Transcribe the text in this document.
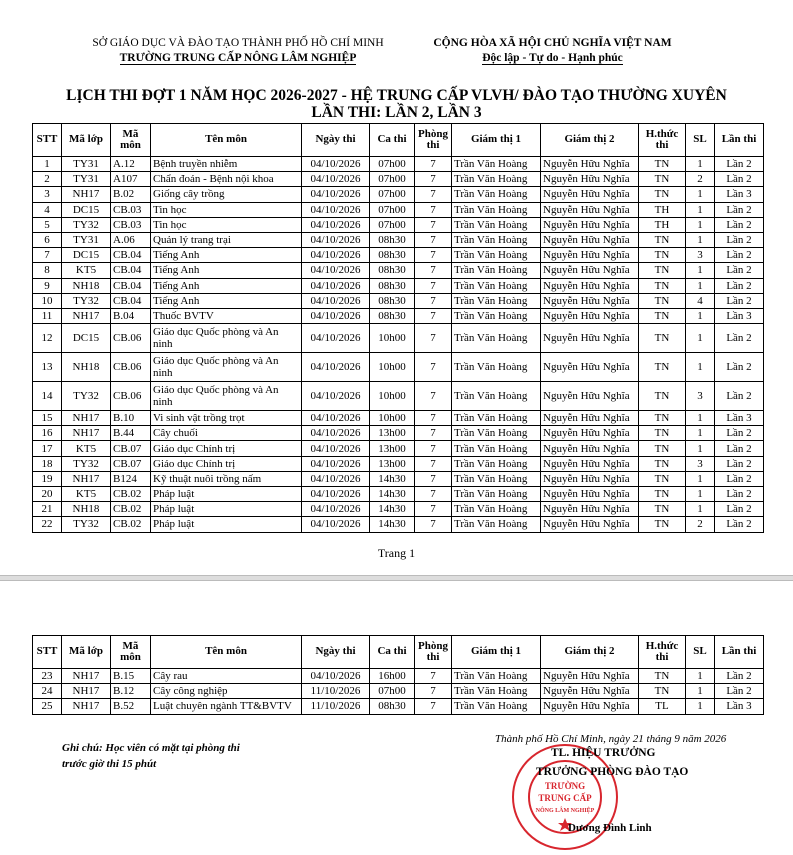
SỞ GIÁO DỤC VÀ ĐÀO TẠO THÀNH PHỐ HỒ CHÍ MINH
TRƯỜNG TRUNG CẤP NÔNG LÂM NGHIỆP
CỘNG HÒA XÃ HỘI CHỦ NGHĨA VIỆT NAM
Độc lập - Tự do - Hạnh phúc
LỊCH THI ĐỢT 1 NĂM HỌC 2026-2027 - HỆ TRUNG CẤP VLVH/ ĐÀO TẠO THƯỜNG XUYÊN
LẦN THI: LẦN 2, LẦN 3
STT	Mã lớp	Mã môn	Tên môn	Ngày thi	Ca thi	Phòng thi	Giám thị 1	Giám thị 2	H.thức thi	SL	Lần thi
1	TY31	A.12	Bệnh truyền nhiễm	04/10/2026	07h00	7	Trần Văn Hoàng	Nguyễn Hữu Nghĩa	TN	1	Lần 2
2	TY31	A107	Chẩn đoán - Bệnh nội khoa	04/10/2026	07h00	7	Trần Văn Hoàng	Nguyễn Hữu Nghĩa	TN	2	Lần 2
3	NH17	B.02	Giống cây trồng	04/10/2026	07h00	7	Trần Văn Hoàng	Nguyễn Hữu Nghĩa	TN	1	Lần 3
4	DC15	CB.03	Tin học	04/10/2026	07h00	7	Trần Văn Hoàng	Nguyễn Hữu Nghĩa	TH	1	Lần 2
5	TY32	CB.03	Tin học	04/10/2026	07h00	7	Trần Văn Hoàng	Nguyễn Hữu Nghĩa	TH	1	Lần 2
6	TY31	A.06	Quản lý trang trại	04/10/2026	08h30	7	Trần Văn Hoàng	Nguyễn Hữu Nghĩa	TN	1	Lần 2
7	DC15	CB.04	Tiếng Anh	04/10/2026	08h30	7	Trần Văn Hoàng	Nguyễn Hữu Nghĩa	TN	3	Lần 2
8	KT5	CB.04	Tiếng Anh	04/10/2026	08h30	7	Trần Văn Hoàng	Nguyễn Hữu Nghĩa	TN	1	Lần 2
9	NH18	CB.04	Tiếng Anh	04/10/2026	08h30	7	Trần Văn Hoàng	Nguyễn Hữu Nghĩa	TN	1	Lần 2
10	TY32	CB.04	Tiếng Anh	04/10/2026	08h30	7	Trần Văn Hoàng	Nguyễn Hữu Nghĩa	TN	4	Lần 2
11	NH17	B.04	Thuốc BVTV	04/10/2026	08h30	7	Trần Văn Hoàng	Nguyễn Hữu Nghĩa	TN	1	Lần 3
12	DC15	CB.06	Giáo dục Quốc phòng và An ninh	04/10/2026	10h00	7	Trần Văn Hoàng	Nguyễn Hữu Nghĩa	TN	1	Lần 2
13	NH18	CB.06	Giáo dục Quốc phòng và An ninh	04/10/2026	10h00	7	Trần Văn Hoàng	Nguyễn Hữu Nghĩa	TN	1	Lần 2
14	TY32	CB.06	Giáo dục Quốc phòng và An ninh	04/10/2026	10h00	7	Trần Văn Hoàng	Nguyễn Hữu Nghĩa	TN	3	Lần 2
15	NH17	B.10	Vi sinh vật trồng trọt	04/10/2026	10h00	7	Trần Văn Hoàng	Nguyễn Hữu Nghĩa	TN	1	Lần 3
16	NH17	B.44	Cây chuối	04/10/2026	13h00	7	Trần Văn Hoàng	Nguyễn Hữu Nghĩa	TN	1	Lần 2
17	KT5	CB.07	Giáo dục Chính trị	04/10/2026	13h00	7	Trần Văn Hoàng	Nguyễn Hữu Nghĩa	TN	1	Lần 2
18	TY32	CB.07	Giáo dục Chính trị	04/10/2026	13h00	7	Trần Văn Hoàng	Nguyễn Hữu Nghĩa	TN	3	Lần 2
19	NH17	B124	Kỹ thuật nuôi trồng nấm	04/10/2026	14h30	7	Trần Văn Hoàng	Nguyễn Hữu Nghĩa	TN	1	Lần 2
20	KT5	CB.02	Pháp luật	04/10/2026	14h30	7	Trần Văn Hoàng	Nguyễn Hữu Nghĩa	TN	1	Lần 2
21	NH18	CB.02	Pháp luật	04/10/2026	14h30	7	Trần Văn Hoàng	Nguyễn Hữu Nghĩa	TN	1	Lần 2
22	TY32	CB.02	Pháp luật	04/10/2026	14h30	7	Trần Văn Hoàng	Nguyễn Hữu Nghĩa	TN	2	Lần 2
Trang 1
STT	Mã lớp	Mã môn	Tên môn	Ngày thi	Ca thi	Phòng thi	Giám thị 1	Giám thị 2	H.thức thi	SL	Lần thi
23	NH17	B.15	Cây rau	04/10/2026	16h00	7	Trần Văn Hoàng	Nguyễn Hữu Nghĩa	TN	1	Lần 2
24	NH17	B.12	Cây công nghiệp	11/10/2026	07h00	7	Trần Văn Hoàng	Nguyễn Hữu Nghĩa	TN	1	Lần 2
25	NH17	B.52	Luật chuyên ngành TT&BVTV	11/10/2026	08h30	7	Trần Văn Hoàng	Nguyễn Hữu Nghĩa	TL	1	Lần 3
Ghi chú: Học viên có mặt tại phòng thi
trước giờ thi 15 phút
TRƯỜNG
TRUNG CẤP
NÔNG LÂM NGHIỆP
Thành phố Hồ Chí Minh, ngày 21 tháng 9 năm 2026
TL. HIỆU TRƯỞNG
TRƯỞNG PHÒNG ĐÀO TẠO
Dương Đình Linh
